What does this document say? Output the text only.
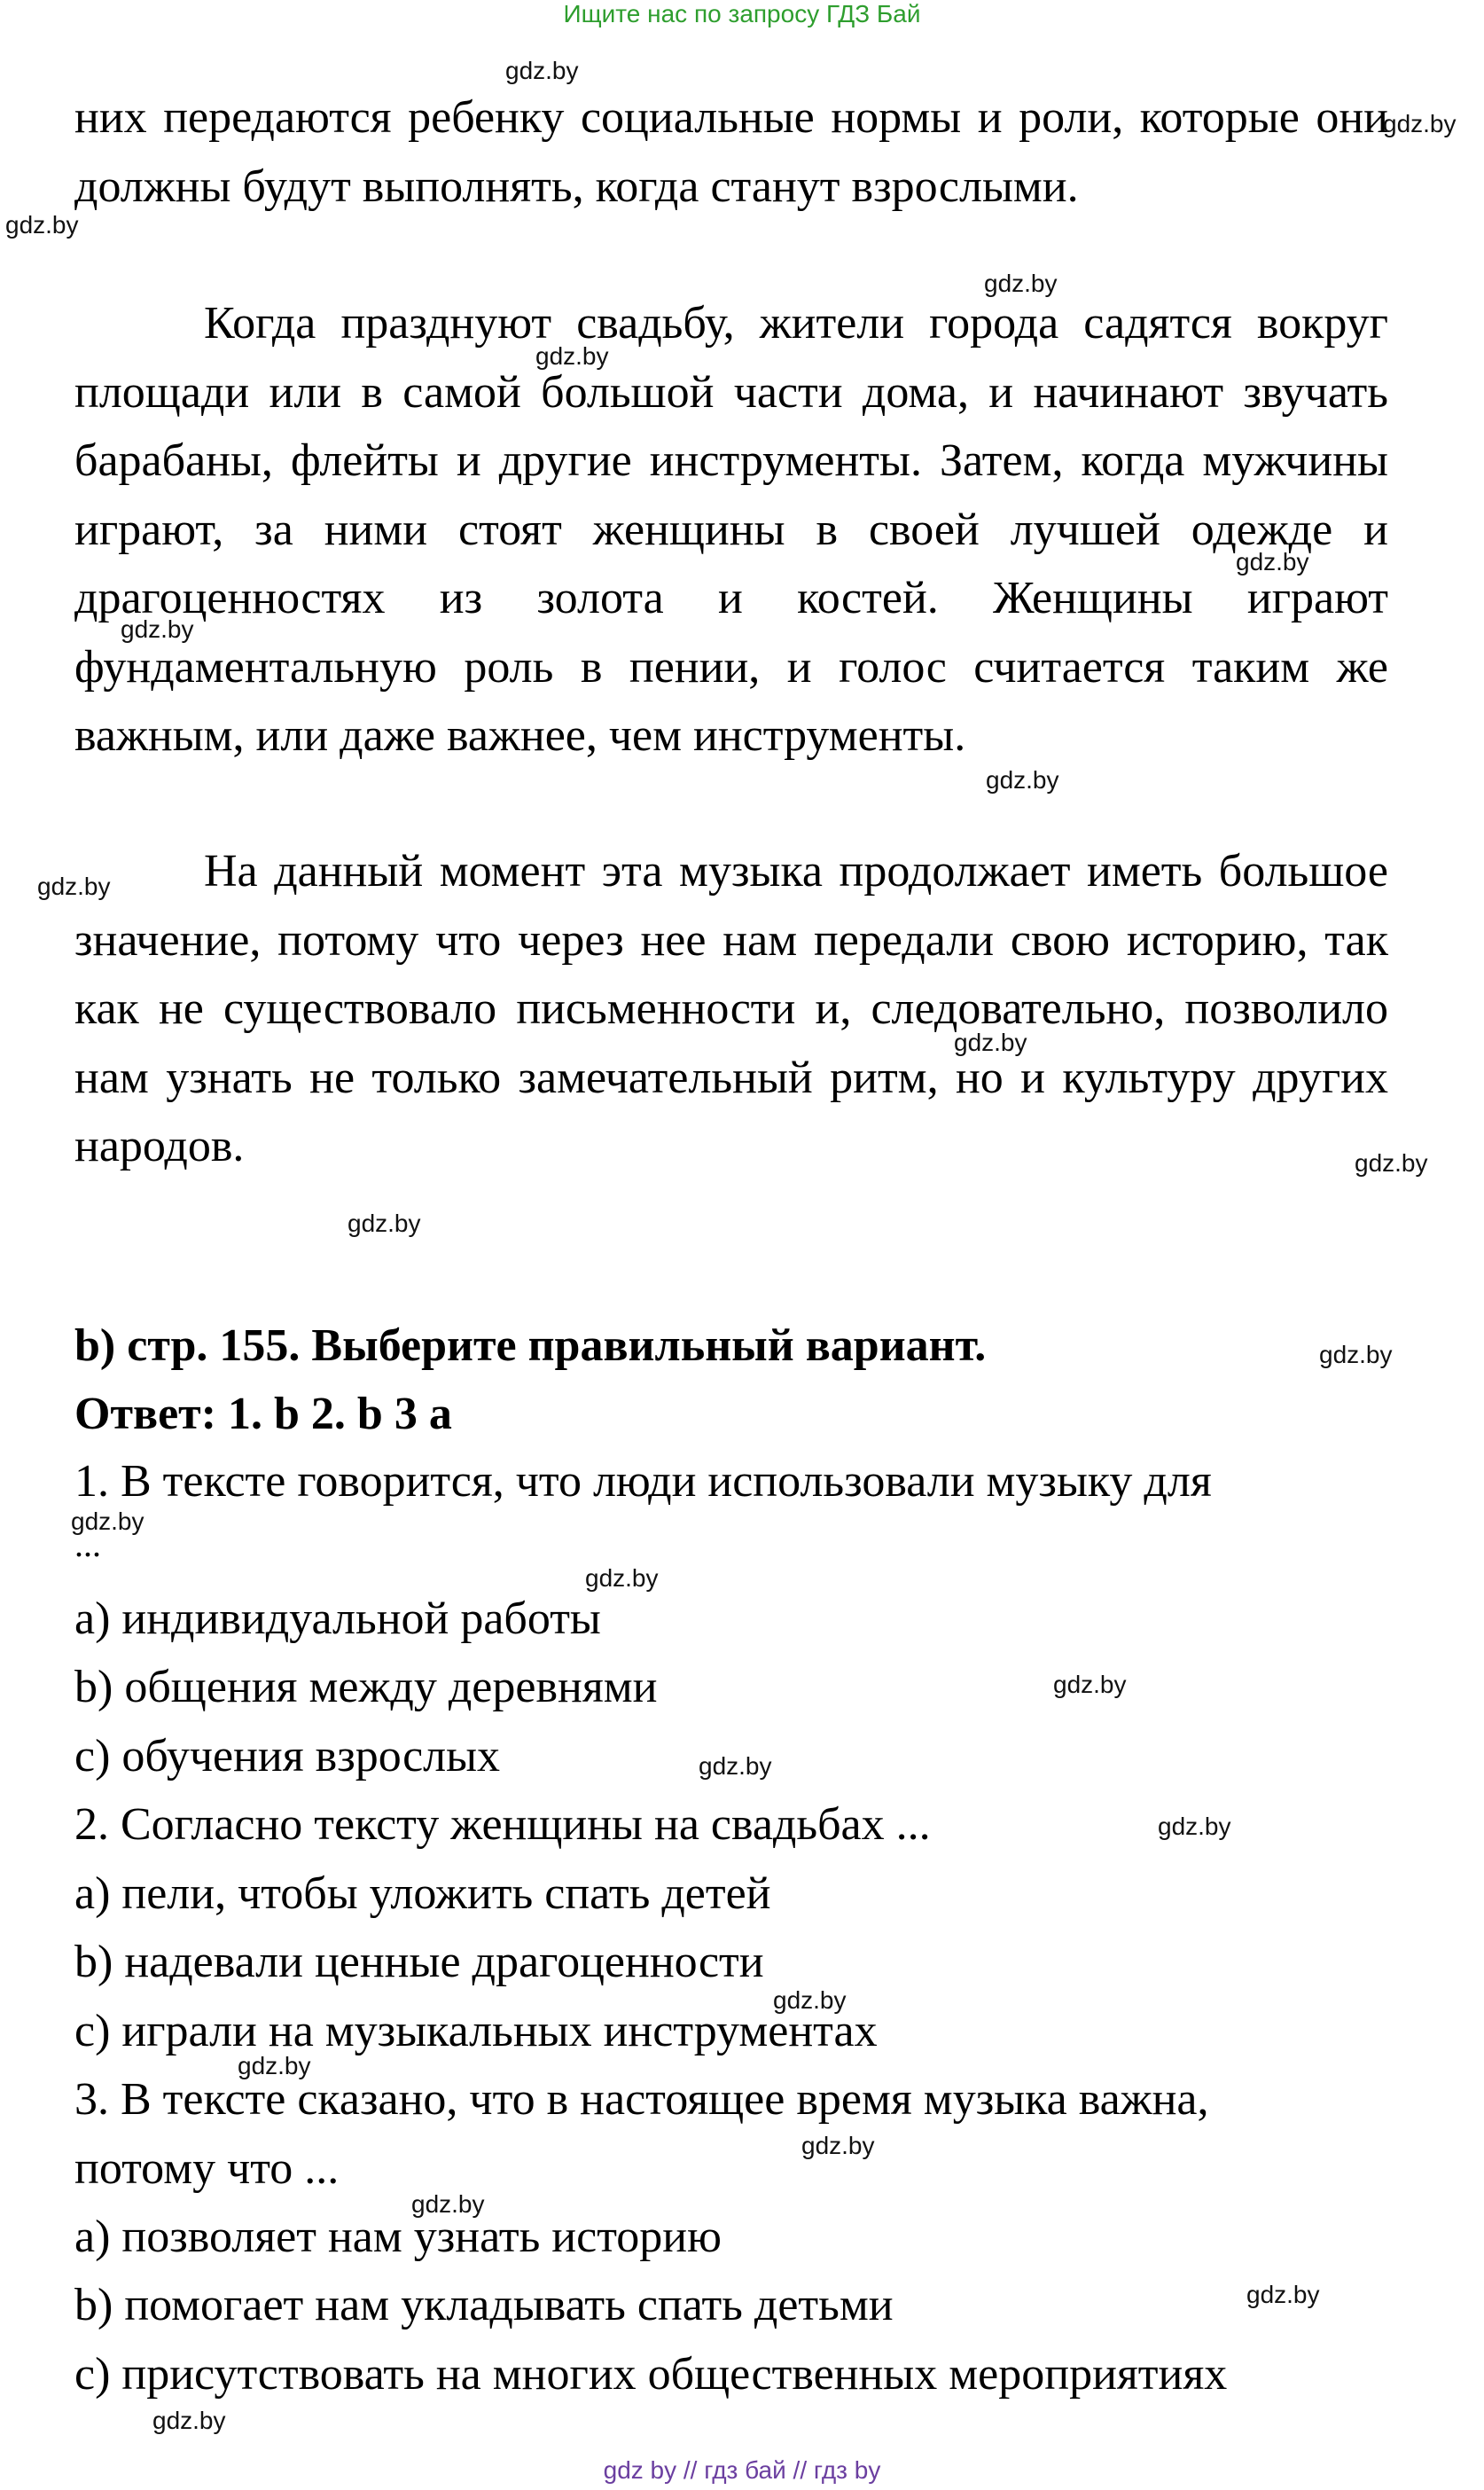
Ищите нас по запросу ГДЗ Бай

них передаются ребенку социальные нормы и роли, которые они должны будут выполнять, когда станут взрослыми.

Когда празднуют свадьбу, жители города садятся вокруг площади или в самой большой части дома, и начинают звучать барабаны, флейты и другие инструменты. Затем, когда мужчины играют, за ними стоят женщины в своей лучшей одежде и драгоценностях из золота и костей. Женщины играют фундаментальную роль в пении, и голос считается таким же важным, или даже важнее, чем инструменты.

На данный момент эта музыка продолжает иметь большое значение, потому что через нее нам передали свою историю, так как не существовало письменности и, следовательно, позволило нам узнать не только замечательный ритм, но и культуру других народов.

b) стр. 155. Выберите правильный вариант.
Ответ: 1. b 2. b 3 a
1. В тексте говорится, что люди использовали музыку для
...
a) индивидуальной работы
b) общения между деревнями
c) обучения взрослых
2. Согласно тексту женщины на свадьбах ...
a) пели, чтобы уложить спать детей
b) надевали ценные драгоценности
c) играли на музыкальных инструментах
3. В тексте сказано, что в настоящее время музыка важна,
потому что ...
a) позволяет нам узнать историю
b) помогает нам укладывать спать детьми
c) присутствовать на многих общественных мероприятиях
gdz.by
gdz.by
gdz.by
gdz.by
gdz.by
gdz.by
gdz.by
gdz.by
gdz.by
gdz.by
gdz.by
gdz.by
gdz.by
gdz.by
gdz.by
gdz.by
gdz.by
gdz.by
gdz.by
gdz.by
gdz.by
gdz.by
gdz.by
gdz.by
gdz by // гдз бай // гдз by
